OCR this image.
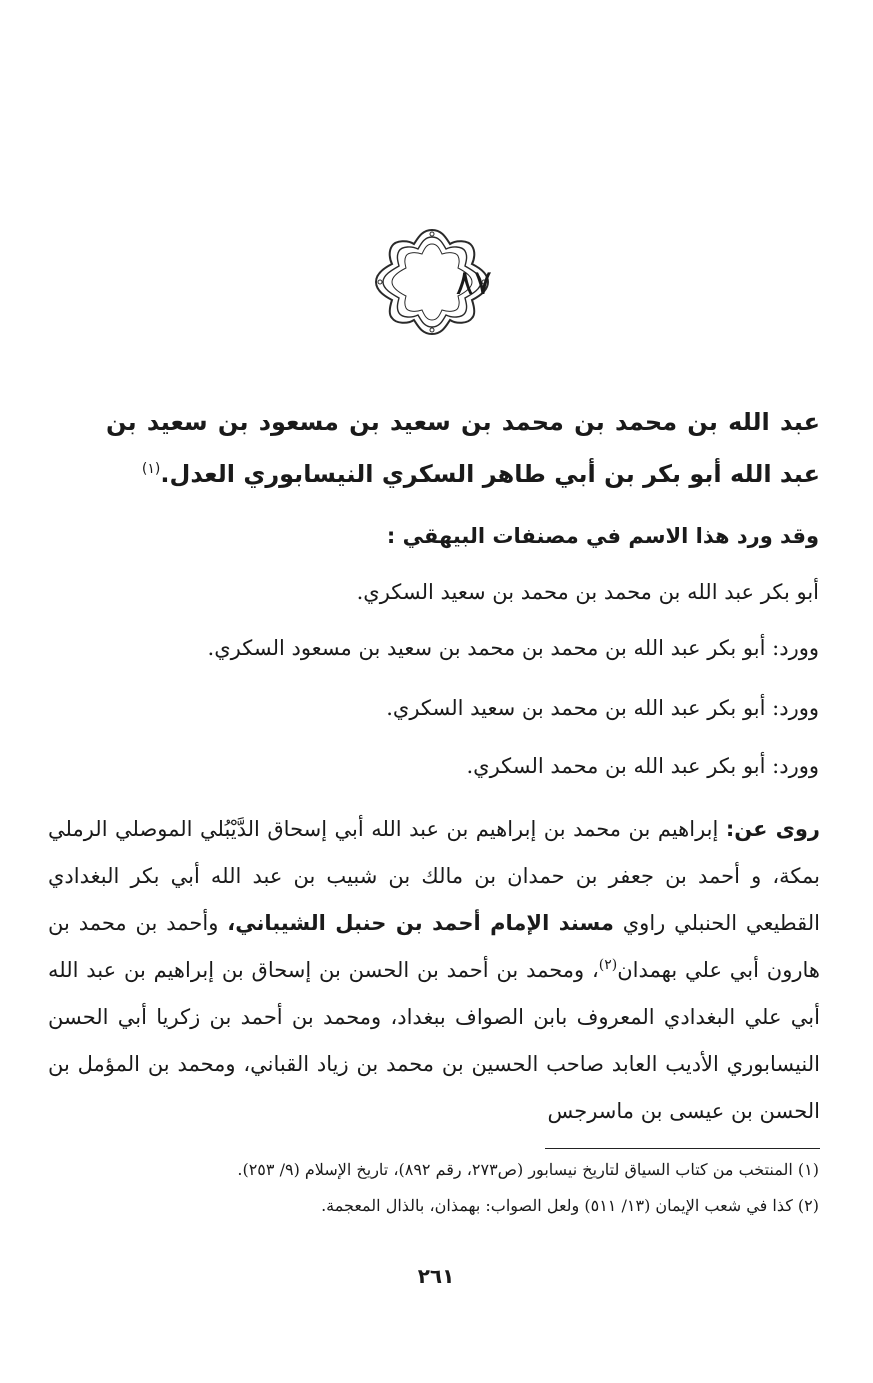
٨٧
عبد الله بن محمد بن محمد بن سعيد بن مسعود بن سعيد بن عبد الله أبو بكر بن أبي طاهر السكري النيسابوري العدل.$^{(١)}$
وقد ورد هذا الاسم في مصنفات البيهقي :
أبو بكر عبد الله بن محمد بن محمد بن سعيد السكري.
وورد: أبو بكر عبد الله بن محمد بن محمد بن سعيد بن مسعود السكري.
وورد: أبو بكر عبد الله بن محمد بن سعيد السكري.
وورد: أبو بكر عبد الله بن محمد السكري.
روى عن: إبراهيم بن محمد بن إبراهيم بن عبد الله أبي إسحاق الدَّيْبُلي الموصلي الرملي بمكة، و أحمد بن جعفر بن حمدان بن مالك بن شبيب بن عبد الله أبي بكر البغدادي القطيعي الحنبلي راوي مسند الإمام أحمد بن حنبل الشيباني، وأحمد بن محمد بن هارون أبي علي بهمدان$^{(٢)}$، ومحمد بن أحمد بن الحسن بن إسحاق بن إبراهيم بن عبد الله أبي علي البغدادي المعروف بابن الصواف ببغداد، ومحمد بن أحمد بن زكريا أبي الحسن النيسابوري الأديب العابد صاحب الحسين بن محمد بن زياد القباني، ومحمد بن المؤمل بن الحسن بن عيسى بن ماسرجس
(١) المنتخب من كتاب السياق لتاريخ نيسابور (ص٢٧٣، رقم ٨٩٢)، تاريخ الإسلام (٩/ ٢٥٣).
(٢) كذا في شعب الإيمان (١٣/ ٥١١) ولعل الصواب: بهمذان، بالذال المعجمة.
٢٦١
